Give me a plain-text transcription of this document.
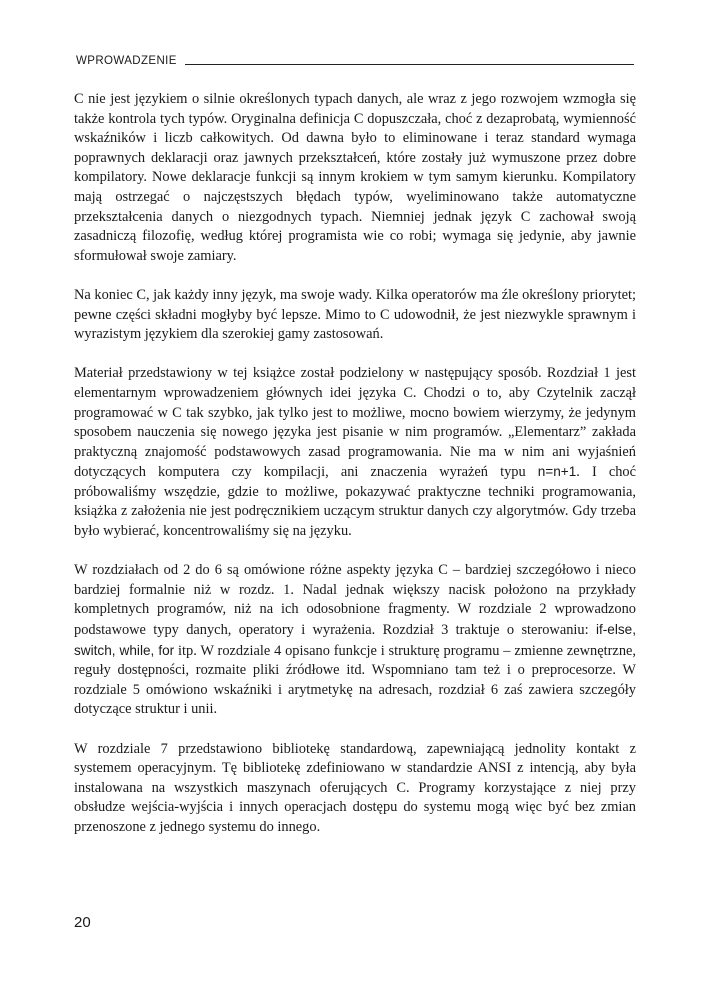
WPROWADZENIE

C nie jest językiem o silnie określonych typach danych, ale wraz z jego rozwojem wzmogła się także kontrola tych typów. Oryginalna definicja C dopuszczała, choć z dezaprobatą, wymienność wskaźników i liczb całkowitych. Od dawna było to eliminowane i teraz standard wymaga poprawnych deklaracji oraz jawnych przekształceń, które zostały już wymuszone przez dobre kompilatory. Nowe deklaracje funkcji są innym krokiem w tym samym kierunku. Kompilatory mają ostrzegać o najczęstszych błędach typów, wyeliminowano także automatyczne przekształcenia danych o niezgodnych typach. Niemniej jednak język C zachował swoją zasadniczą filozofię, według której programista wie co robi; wymaga się jedynie, aby jawnie sformułował swoje zamiary.

Na koniec C, jak każdy inny język, ma swoje wady. Kilka operatorów ma źle określony priorytet; pewne części składni mogłyby być lepsze. Mimo to C udowodnił, że jest niezwykle sprawnym i wyrazistym językiem dla szerokiej gamy zastosowań.

Materiał przedstawiony w tej książce został podzielony w następujący sposób. Rozdział 1 jest elementarnym wprowadzeniem głównych idei języka C. Chodzi o to, aby Czytelnik zaczął programować w C tak szybko, jak tylko jest to możliwe, mocno bowiem wierzymy, że jedynym sposobem nauczenia się nowego języka jest pisanie w nim programów. „Elementarz” zakłada praktyczną znajomość podstawowych zasad programowania. Nie ma w nim ani wyjaśnień dotyczących komputera czy kompilacji, ani znaczenia wyrażeń typu n=n+1. I choć próbowaliśmy wszędzie, gdzie to możliwe, pokazywać praktyczne techniki programowania, książka z założenia nie jest podręcznikiem uczącym struktur danych czy algorytmów. Gdy trzeba było wybierać, koncentrowaliśmy się na języku.

W rozdziałach od 2 do 6 są omówione różne aspekty języka C – bardziej szczegółowo i nieco bardziej formalnie niż w rozdz. 1. Nadal jednak większy nacisk położono na przykłady kompletnych programów, niż na ich odosobnione fragmenty. W rozdziale 2 wprowadzono podstawowe typy danych, operatory i wyrażenia. Rozdział 3 traktuje o sterowaniu: if-else, switch, while, for itp. W rozdziale 4 opisano funkcje i strukturę programu – zmienne zewnętrzne, reguły dostępności, rozmaite pliki źródłowe itd. Wspomniano tam też i o preprocesorze. W rozdziale 5 omówiono wskaźniki i arytmetykę na adresach, rozdział 6 zaś zawiera szczegóły dotyczące struktur i unii.

W rozdziale 7 przedstawiono bibliotekę standardową, zapewniającą jednolity kontakt z systemem operacyjnym. Tę bibliotekę zdefiniowano w standardzie ANSI z intencją, aby była instalowana na wszystkich maszynach oferujących C. Programy korzystające z niej przy obsłudze wejścia-wyjścia i innych operacjach dostępu do systemu mogą więc być bez zmian przenoszone z jednego systemu do innego.

20
